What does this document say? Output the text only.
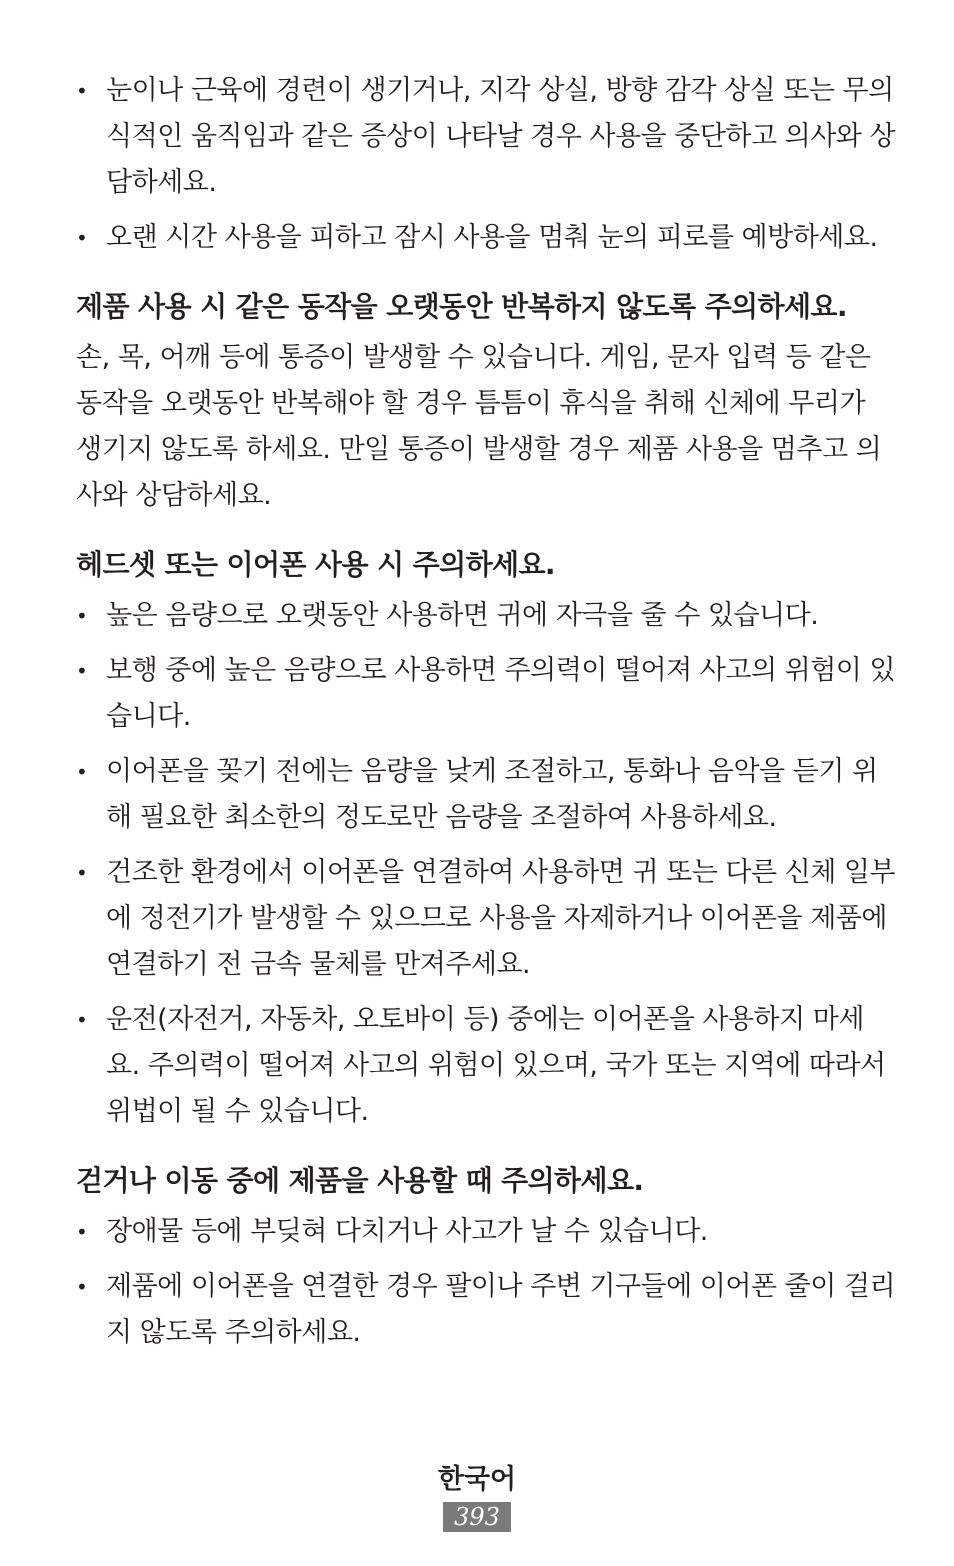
• 눈이나 근육에 경련이 생기거나, 지각 상실, 방향 감각 상실 또는 무의식적인 움직임과 같은 증상이 나타날 경우 사용을 중단하고 의사와 상담하세요.
• 오랜 시간 사용을 피하고 잠시 사용을 멈춰 눈의 피로를 예방하세요.
제품 사용 시 같은 동작을 오랫동안 반복하지 않도록 주의하세요.

손, 목, 어깨 등에 통증이 발생할 수 있습니다. 게임, 문자 입력 등 같은 동작을 오랫동안 반복해야 할 경우 틈틈이 휴식을 취해 신체에 무리가 생기지 않도록 하세요. 만일 통증이 발생할 경우 제품 사용을 멈추고 의사와 상담하세요.

헤드셋 또는 이어폰 사용 시 주의하세요.
• 높은 음량으로 오랫동안 사용하면 귀에 자극을 줄 수 있습니다.
• 보행 중에 높은 음량으로 사용하면 주의력이 떨어져 사고의 위험이 있습니다.
• 이어폰을 꽂기 전에는 음량을 낮게 조절하고, 통화나 음악을 듣기 위해 필요한 최소한의 정도로만 음량을 조절하여 사용하세요.
• 건조한 환경에서 이어폰을 연결하여 사용하면 귀 또는 다른 신체 일부에 정전기가 발생할 수 있으므로 사용을 자제하거나 이어폰을 제품에 연결하기 전 금속 물체를 만져주세요.
• 운전(자전거, 자동차, 오토바이 등) 중에는 이어폰을 사용하지 마세요. 주의력이 떨어져 사고의 위험이 있으며, 국가 또는 지역에 따라서 위법이 될 수 있습니다.
걷거나 이동 중에 제품을 사용할 때 주의하세요.
• 장애물 등에 부딪혀 다치거나 사고가 날 수 있습니다.
• 제품에 이어폰을 연결한 경우 팔이나 주변 기구들에 이어폰 줄이 걸리지 않도록 주의하세요.
한국어
393
